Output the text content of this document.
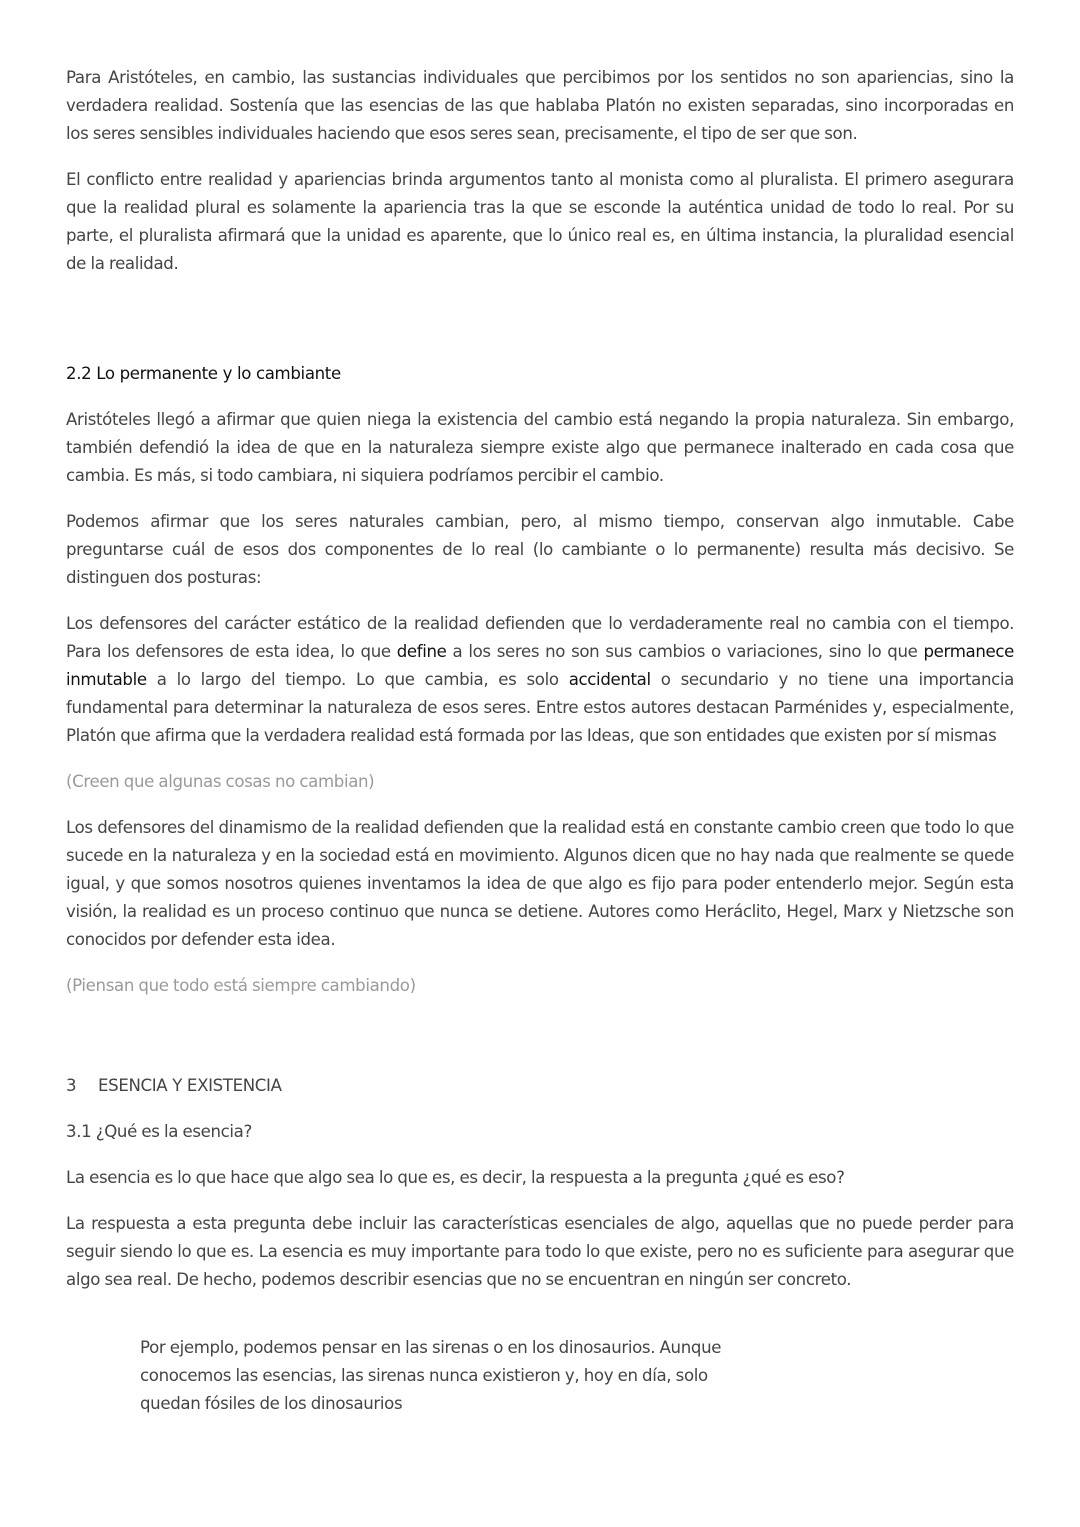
Para Aristóteles, en cambio, las sustancias individuales que percibimos por los sentidos no son apariencias, sino la verdadera realidad. Sostenía que las esencias de las que hablaba Platón no existen separadas, sino incorporadas en los seres sensibles individuales haciendo que esos seres sean, precisamente, el tipo de ser que son.

El conflicto entre realidad y apariencias brinda argumentos tanto al monista como al pluralista. El primero asegurara que la realidad plural es solamente la apariencia tras la que se esconde la auténtica unidad de todo lo real. Por su parte, el pluralista afirmará que la unidad es aparente, que lo único real es, en última instancia, la pluralidad esencial de la realidad.

2.2 Lo permanente y lo cambiante

Aristóteles llegó a afirmar que quien niega la existencia del cambio está negando la propia naturaleza. Sin embargo, también defendió la idea de que en la naturaleza siempre existe algo que permanece inalterado en cada cosa que cambia. Es más, si todo cambiara, ni siquiera podríamos percibir el cambio.

Podemos afirmar que los seres naturales cambian, pero, al mismo tiempo, conservan algo inmutable. Cabe preguntarse cuál de esos dos componentes de lo real (lo cambiante o lo permanente) resulta más decisivo. Se distinguen dos posturas:

Los defensores del carácter estático de la realidad defienden que lo verdaderamente real no cambia con el tiempo. Para los defensores de esta idea, lo que define a los seres no son sus cambios o variaciones, sino lo que permanece inmutable a lo largo del tiempo. Lo que cambia, es solo accidental o secundario y no tiene una importancia fundamental para determinar la naturaleza de esos seres. Entre estos autores destacan Parménides y, especialmente, Platón que afirma que la verdadera realidad está formada por las Ideas, que son entidades que existen por sí mismas

(Creen que algunas cosas no cambian)

Los defensores del dinamismo de la realidad defienden que la realidad está en constante cambio creen que todo lo que sucede en la naturaleza y en la sociedad está en movimiento. Algunos dicen que no hay nada que realmente se quede igual, y que somos nosotros quienes inventamos la idea de que algo es fijo para poder entenderlo mejor. Según esta visión, la realidad es un proceso continuo que nunca se detiene. Autores como Heráclito, Hegel, Marx y Nietzsche son conocidos por defender esta idea.

(Piensan que todo está siempre cambiando)

3	ESENCIA Y EXISTENCIA

3.1 ¿Qué es la esencia?

La esencia es lo que hace que algo sea lo que es, es decir, la respuesta a la pregunta ¿qué es eso?

La respuesta a esta pregunta debe incluir las características esenciales de algo, aquellas que no puede perder para seguir siendo lo que es. La esencia es muy importante para todo lo que existe, pero no es suficiente para asegurar que algo sea real. De hecho, podemos describir esencias que no se encuentran en ningún ser concreto.

Por ejemplo, podemos pensar en las sirenas o en los dinosaurios. Aunque conocemos las esencias, las sirenas nunca existieron y, hoy en día, solo quedan fósiles de los dinosaurios
